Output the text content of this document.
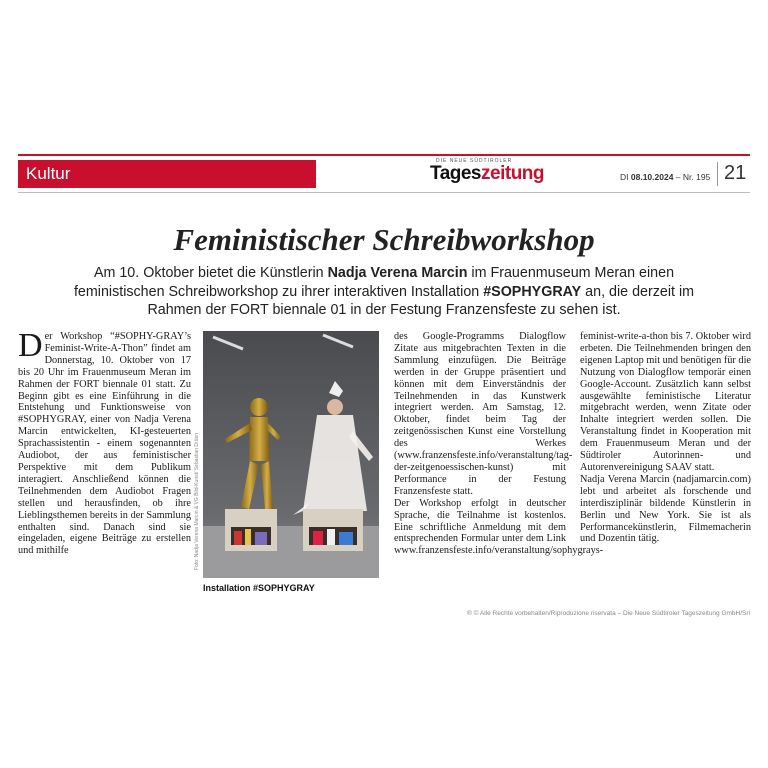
Kultur
DIE NEUE SÜDTIROLER
Tageszeitung	DI 08.10.2024 – Nr. 195 21
Feministischer Schreibworkshop

Am 10. Oktober bietet die Künstlerin Nadja Verena Marcin im Frauenmuseum Meran einen feministischen Schreibworkshop zu ihrer interaktiven Installation #SOPHYGRAY an, die derzeit im Rahmen der FORT biennale 01 in der Festung Franzensfeste zu sehen ist.

Der Workshop “#SOPHY-GRAY’s Feminist-Write-A-Thon” findet am Donnerstag, 10. Oktober von 17 bis 20 Uhr im Frauenmuseum Meran im Rahmen der FORT biennale 01 statt. Zu Beginn gibt es eine Einführung in die Entstehung und Funktionsweise von #SOPHYGRAY, einer von Nadja Verena Marcin entwickelten, KI-gesteuerten Sprachassistentin - einem sogenannten Audiobot, der aus feministischer Perspektive mit dem Publikum interagiert. Anschließend können die Teilnehmenden dem Audiobot Fragen stellen und herausfinden, ob ihre Lieblingsthemen bereits in der Sammlung enthalten sind. Danach sind sie eingeladen, eigene Beiträge zu erstellen und mithilfe	Foto: Nadja Verena Marcin & VG Bild-Kunst/ Sebastian Drüen
Installation #SOPHYGRAY

des Google-Programms Dialogflow Zitate aus mitgebrachten Texten in die Sammlung einzufügen. Die Beiträge werden in der Gruppe präsentiert und können mit dem Einverständnis der Teilnehmenden in das Kunstwerk integriert werden. Am Samstag, 12. Oktober, findet beim Tag der zeitgenössischen Kunst eine Vorstellung des Werkes (www.franzensfeste.info/veranstaltung/tag-der-zeitgenoessischen-kunst) mit Performance in der Festung Franzensfeste statt.

Der Workshop erfolgt in deutscher Sprache, die Teilnahme ist kostenlos. Eine schriftliche Anmeldung mit dem entsprechenden Formular unter dem Link www.franzensfeste.info/veranstaltung/sophygrays-

feminist-write-a-thon bis 7. Oktober wird erbeten. Die Teilnehmenden bringen den eigenen Laptop mit und benötigen für die Nutzung von Dialogflow temporär einen Google-Account. Zusätzlich kann selbst ausgewählte feministische Literatur mitgebracht werden, wenn Zitate oder Inhalte integriert werden sollen. Die Veranstaltung findet in Kooperation mit dem Frauenmuseum Meran und der Südtiroler Autorinnen- und Autorenvereinigung SAAV statt.

Nadja Verena Marcin (nadjamarcin.com) lebt und arbeitet als forschende und interdisziplinär bildende Künstlerin in Berlin und New York. Sie ist als Performancekünstlerin, Filmemacherin und Dozentin tätig.

® © Alle Rechte vorbehalten/Riproduzione riservata – Die Neue Südtiroler Tageszeitung GmbH/Srl
